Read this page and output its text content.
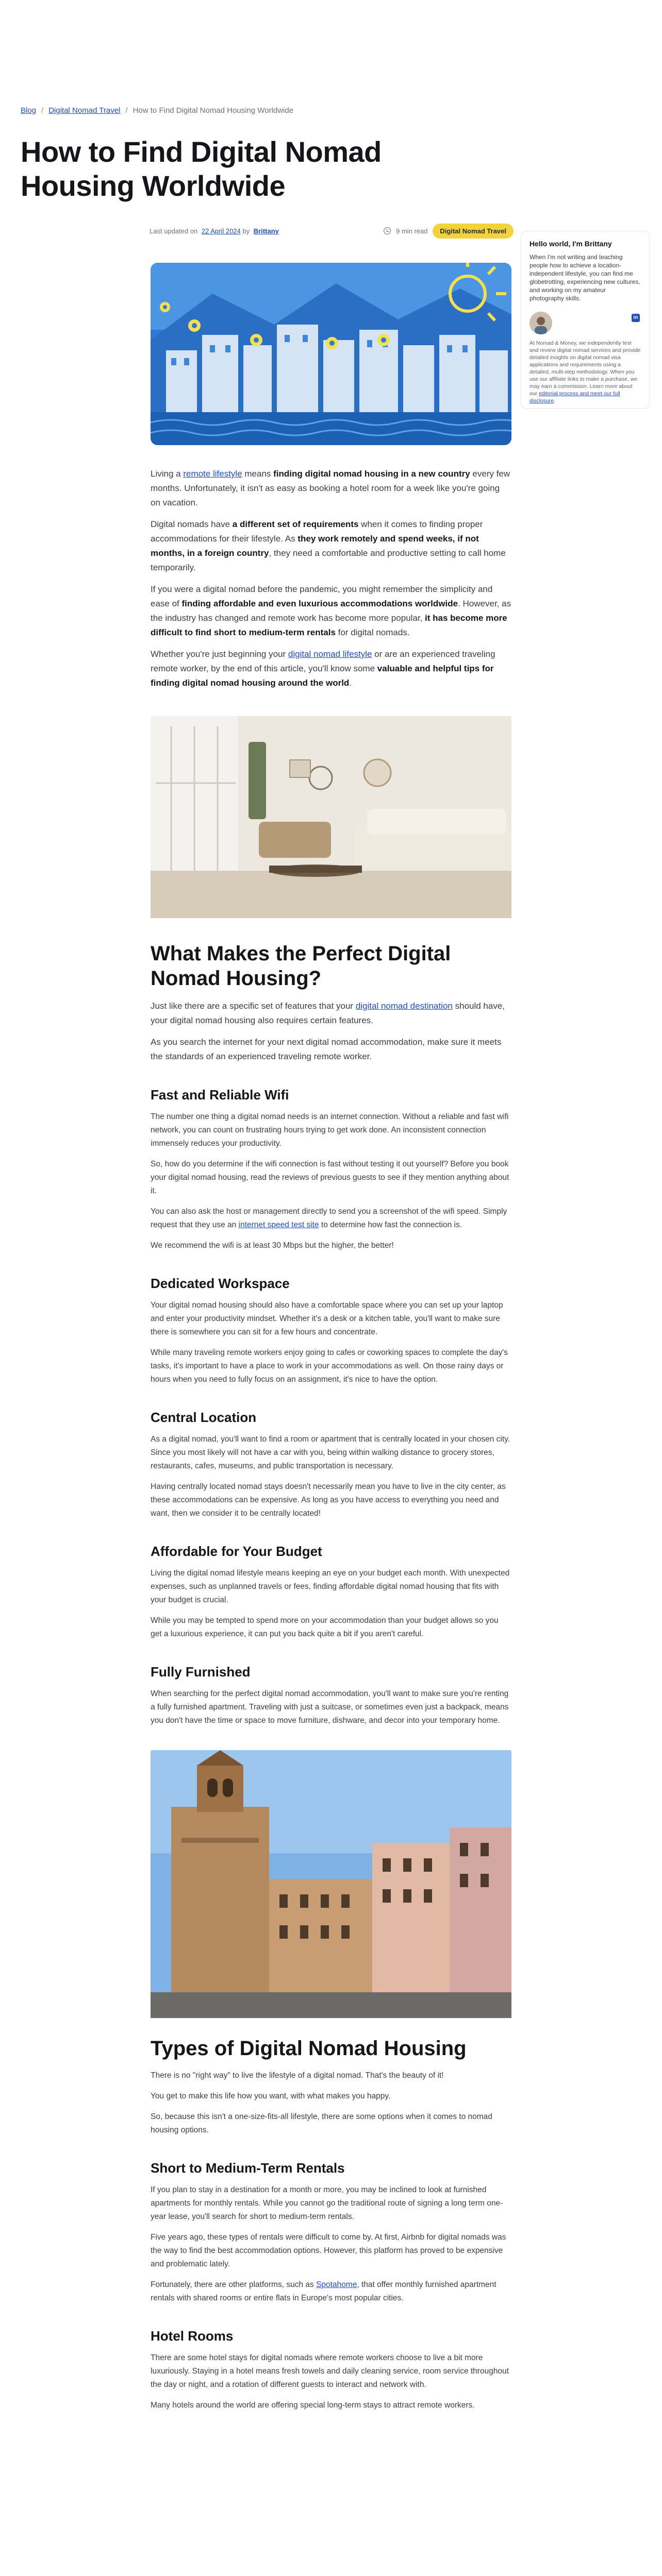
Blog / Digital Nomad Travel / How to Find Digital Nomad Housing Worldwide
How to Find Digital Nomad Housing Worldwide
Last updated on 22 April 2024 by Brittany	9 min read	Digital Nomad Travel
Hello world, I'm Brittany

When I'm not writing and teaching people how to achieve a location-independent lifestyle, you can find me globetrotting, experiencing new cultures, and working on my amateur photography skills.

in

At Nomad & Money, we independently test and review digital nomad services and provide detailed insights on digital nomad visa applications and requirements using a detailed, multi-step methodology. When you use our affiliate links to make a purchase, we may earn a commission. Learn more about our editorial process and meet our full disclosure.

Living a remote lifestyle means finding digital nomad housing in a new country every few months. Unfortunately, it isn't as easy as booking a hotel room for a week like you're going on vacation.

Digital nomads have a different set of requirements when it comes to finding proper accommodations for their lifestyle. As they work remotely and spend weeks, if not months, in a foreign country, they need a comfortable and productive setting to call home temporarily.

If you were a digital nomad before the pandemic, you might remember the simplicity and ease of finding affordable and even luxurious accommodations worldwide. However, as the industry has changed and remote work has become more popular, it has become more difficult to find short to medium-term rentals for digital nomads.

Whether you're just beginning your digital nomad lifestyle or are an experienced traveling remote worker, by the end of this article, you'll know some valuable and helpful tips for finding digital nomad housing around the world.

What Makes the Perfect Digital Nomad Housing?

Just like there are a specific set of features that your digital nomad destination should have, your digital nomad housing also requires certain features.

As you search the internet for your next digital nomad accommodation, make sure it meets the standards of an experienced traveling remote worker.

Fast and Reliable Wifi

The number one thing a digital nomad needs is an internet connection. Without a reliable and fast wifi network, you can count on frustrating hours trying to get work done. An inconsistent connection immensely reduces your productivity.

So, how do you determine if the wifi connection is fast without testing it out yourself? Before you book your digital nomad housing, read the reviews of previous guests to see if they mention anything about it.

You can also ask the host or management directly to send you a screenshot of the wifi speed. Simply request that they use an internet speed test site to determine how fast the connection is.

We recommend the wifi is at least 30 Mbps but the higher, the better!

Dedicated Workspace

Your digital nomad housing should also have a comfortable space where you can set up your laptop and enter your productivity mindset. Whether it's a desk or a kitchen table, you'll want to make sure there is somewhere you can sit for a few hours and concentrate.

While many traveling remote workers enjoy going to cafes or coworking spaces to complete the day's tasks, it's important to have a place to work in your accommodations as well. On those rainy days or hours when you need to fully focus on an assignment, it's nice to have the option.

Central Location

As a digital nomad, you'll want to find a room or apartment that is centrally located in your chosen city. Since you most likely will not have a car with you, being within walking distance to grocery stores, restaurants, cafes, museums, and public transportation is necessary.

Having centrally located nomad stays doesn't necessarily mean you have to live in the city center, as these accommodations can be expensive. As long as you have access to everything you need and want, then we consider it to be centrally located!

Affordable for Your Budget

Living the digital nomad lifestyle means keeping an eye on your budget each month. With unexpected expenses, such as unplanned travels or fees, finding affordable digital nomad housing that fits with your budget is crucial.

While you may be tempted to spend more on your accommodation than your budget allows so you get a luxurious experience, it can put you back quite a bit if you aren't careful.

Fully Furnished

When searching for the perfect digital nomad accommodation, you'll want to make sure you're renting a fully furnished apartment. Traveling with just a suitcase, or sometimes even just a backpack, means you don't have the time or space to move furniture, dishware, and decor into your temporary home.

Types of Digital Nomad Housing

There is no "right way" to live the lifestyle of a digital nomad. That's the beauty of it!

You get to make this life how you want, with what makes you happy.

So, because this isn't a one-size-fits-all lifestyle, there are some options when it comes to nomad housing options.

Short to Medium-Term Rentals

If you plan to stay in a destination for a month or more, you may be inclined to look at furnished apartments for monthly rentals. While you cannot go the traditional route of signing a long term one-year lease, you'll search for short to medium-term rentals.

Five years ago, these types of rentals were difficult to come by. At first, Airbnb for digital nomads was the way to find the best accommodation options. However, this platform has proved to be expensive and problematic lately.

Fortunately, there are other platforms, such as Spotahome, that offer monthly furnished apartment rentals with shared rooms or entire flats in Europe's most popular cities.

Hotel Rooms

There are some hotel stays for digital nomads where remote workers choose to live a bit more luxuriously. Staying in a hotel means fresh towels and daily cleaning service, room service throughout the day or night, and a rotation of different guests to interact and network with.

Many hotels around the world are offering special long-term stays to attract remote workers.
